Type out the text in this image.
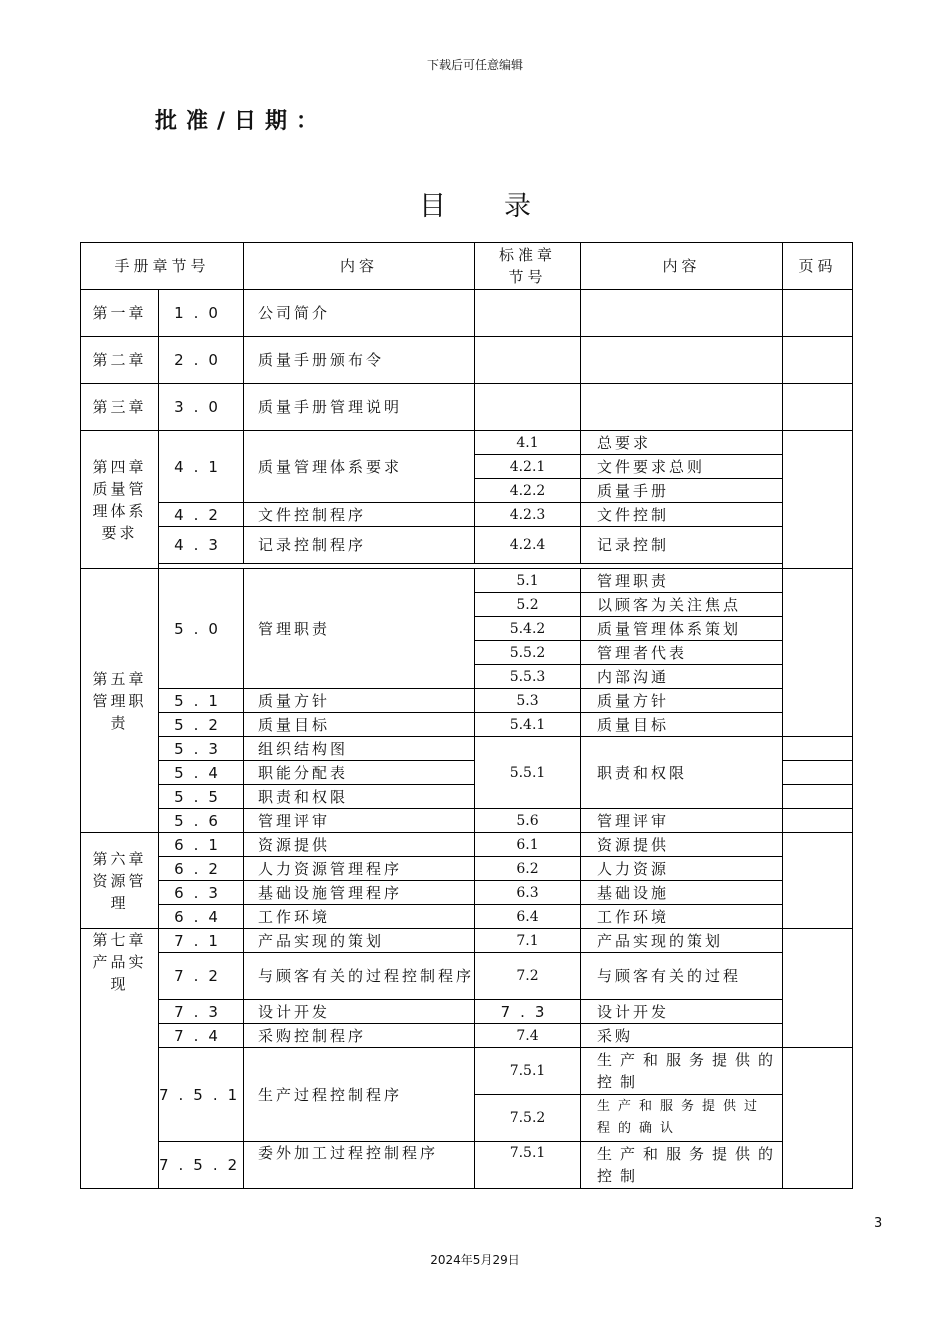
下载后可任意编辑
批准/日期：
目录
手册章节号		内容	标准章节号	内容	页码
第一章	1.0	公司简介			
第二章	2.0	质量手册颁布令			
第三章	3.0	质量手册管理说明			
第四章质量管理体系要求	4.1	质量管理体系要求	4.1	总要求	
			4.2.1	文件要求总则	
			4.2.2	质量手册	
	4.2	文件控制程序	4.2.3	文件控制	
	4.3	记录控制程序	4.2.4	记录控制	

第五章管理职责	5.0	管理职责	5.1	管理职责	
			5.2	以顾客为关注焦点	
			5.4.2	质量管理体系策划	
			5.5.2	管理者代表	
			5.5.3	内部沟通	
	5.1	质量方针	5.3	质量方针	
	5.2	质量目标	5.4.1	质量目标	
	5.3	组织结构图	5.5.1	职责和权限	
	5.4	职能分配表			
	5.5	职责和权限			
	5.6	管理评审	5.6	管理评审	
第六章资源管理	6.1	资源提供	6.1	资源提供	
	6.2	人力资源管理程序	6.2	人力资源	
	6.3	基础设施管理程序	6.3	基础设施	
	6.4	工作环境	6.4	工作环境	
第七章产品实现	7.1	产品实现的策划	7.1	产品实现的策划	
	7.2	与顾客有关的过程控制程序	7.2	与顾客有关的过程	
	7.3	设计开发	7.3	设计开发	
	7.4	采购控制程序	7.4	采购	
	7.5.1	生产过程控制程序	7.5.1	生产和服务提供的控制	
			7.5.2	生产和服务提供过程的确认	
	7.5.2	委外加工过程控制程序	7.5.1	生产和服务提供的控制	
3
2024年5月29日
